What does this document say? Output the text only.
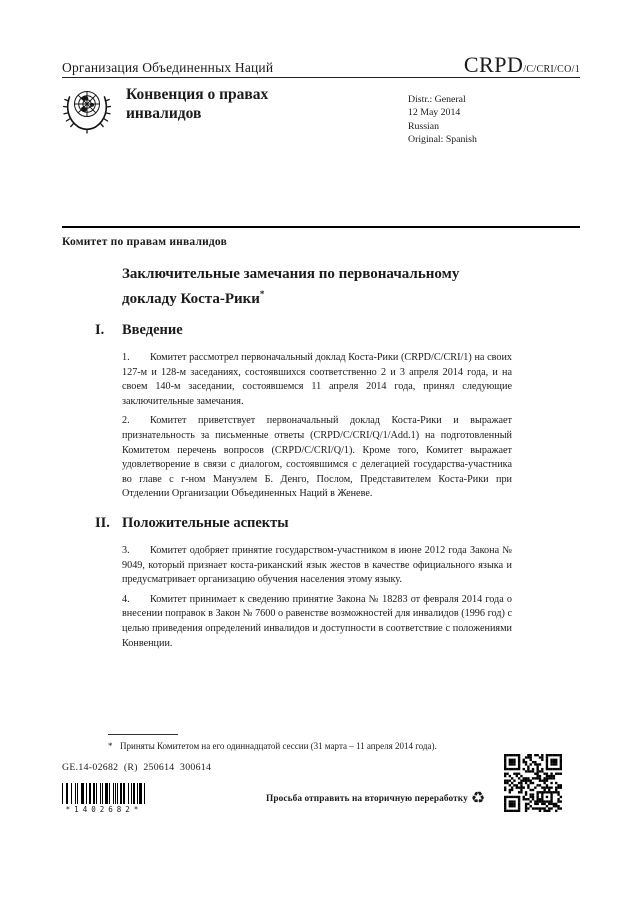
Организация Объединенных Наций	CRPD/C/CRI/CO/1
Конвенция о правах инвалидов
Distr.: General
12 May 2014
Russian
Original: Spanish
Комитет по правам инвалидов
Заключительные замечания по первоначальному докладу Коста-Рики*
I.	Введение

1. Комитет рассмотрел первоначальный доклад Коста-Рики (CRPD/C/CRI/1) на своих 127-м и 128-м заседаниях, состоявшихся соответственно 2 и 3 апреля 2014 года, и на своем 140-м заседании, состоявшемся 11 апреля 2014 года, принял следующие заключительные замечания.

2. Комитет приветствует первоначальный доклад Коста-Рики и выражает признательность за письменные ответы (CRPD/C/CRI/Q/1/Add.1) на подготовленный Комитетом перечень вопросов (CRPD/C/CRI/Q/1). Кроме того, Комитет выражает удовлетворение в связи с диалогом, состоявшимся с делегацией государства-участника во главе с г-ном Мануэлем Б. Денго, Послом, Представителем Коста-Рики при Отделении Организации Объединенных Наций в Женеве.

II. Положительные аспекты

3. Комитет одобряет принятие государством-участником в июне 2012 года Закона № 9049, который признает коста-риканский язык жестов в качестве официального языка и предусматривает организацию обучения населения этому языку.

4. Комитет принимает к сведению принятие Закона № 18283 от февраля 2014 года о внесении поправок в Закон № 7600 о равенстве возможностей для инвалидов (1996 год) с целью приведения определений инвалидов и доступности в соответствие с положениями Конвенции.

* Приняты Комитетом на его одиннадцатой сессии (31 марта – 11 апреля 2014 года).
GE.14-02682  (R)  250614  300614
*1402682*
Просьба отправить на вторичную переработку ♻
